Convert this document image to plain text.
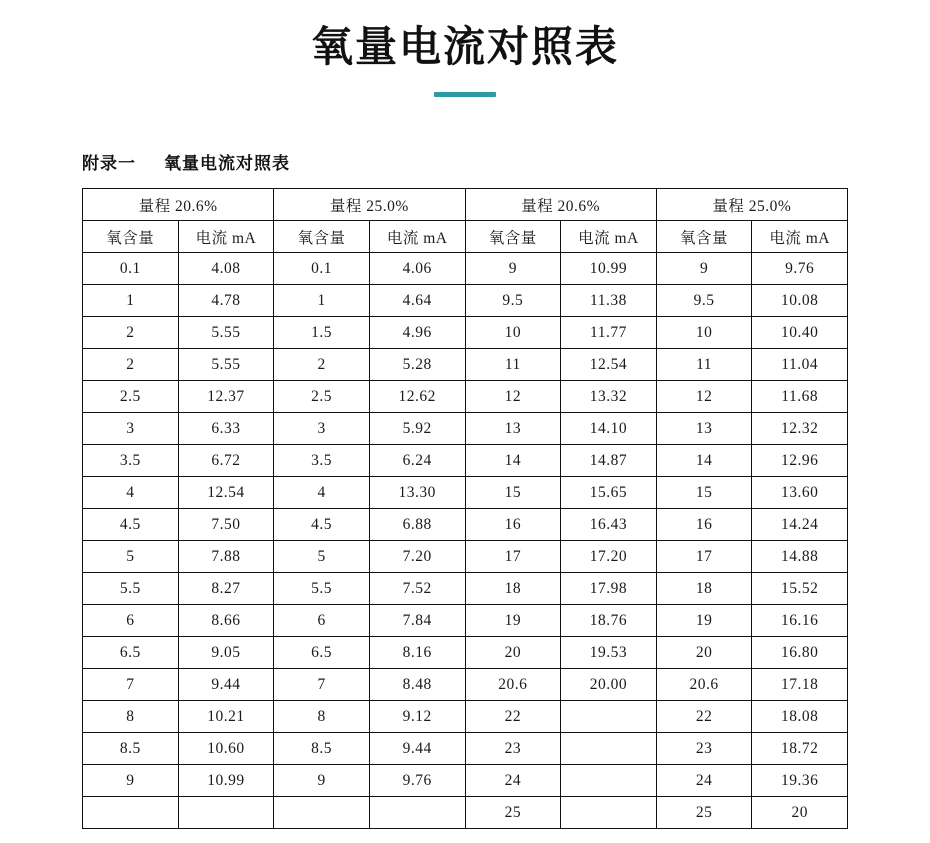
氧量电流对照表
附录一 氧量电流对照表
量程 20.6%		量程 25.0%		量程 20.6%		量程 25.0%	
氧含量	电流 mA	氧含量	电流 mA	氧含量	电流 mA	氧含量	电流 mA
0.1	4.08	0.1	4.06	9	10.99	9	9.76
1	4.78	1	4.64	9.5	11.38	9.5	10.08
2	5.55	1.5	4.96	10	11.77	10	10.40
2	5.55	2	5.28	11	12.54	11	11.04
2.5	12.37	2.5	12.62	12	13.32	12	11.68
3	6.33	3	5.92	13	14.10	13	12.32
3.5	6.72	3.5	6.24	14	14.87	14	12.96
4	12.54	4	13.30	15	15.65	15	13.60
4.5	7.50	4.5	6.88	16	16.43	16	14.24
5	7.88	5	7.20	17	17.20	17	14.88
5.5	8.27	5.5	7.52	18	17.98	18	15.52
6	8.66	6	7.84	19	18.76	19	16.16
6.5	9.05	6.5	8.16	20	19.53	20	16.80
7	9.44	7	8.48	20.6	20.00	20.6	17.18
8	10.21	8	9.12	22		22	18.08
8.5	10.60	8.5	9.44	23		23	18.72
9	10.99	9	9.76	24		24	19.36
				25		25	20
